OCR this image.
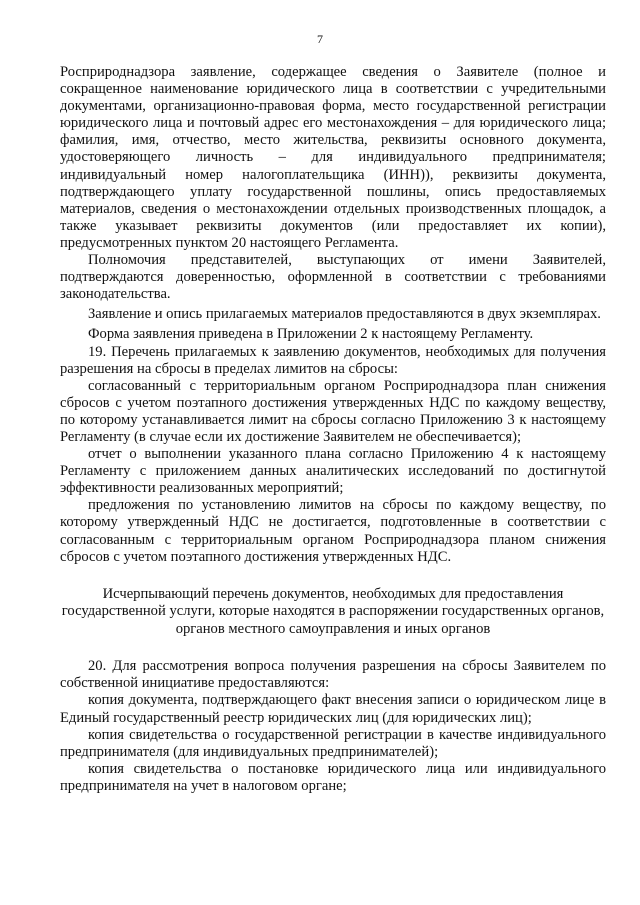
7

Росприроднадзора заявление, содержащее сведения о Заявителе (полное и сокращенное наименование юридического лица в соответствии с учредительными документами, организационно-правовая форма, место государственной регистрации юридического лица и почтовый адрес его местонахождения – для юридического лица; фамилия, имя, отчество, место жительства, реквизиты основного документа, удостоверяющего личность – для индивидуального предпринимателя; индивидуальный номер налогоплательщика (ИНН)), реквизиты документа, подтверждающего уплату государственной пошлины, опись предоставляемых материалов, сведения о местонахождении отдельных производственных площадок, а также указывает реквизиты документов (или предоставляет их копии), предусмотренных пунктом 20 настоящего Регламента.

Полномочия представителей, выступающих от имени Заявителей, подтверждаются доверенностью, оформленной в соответствии с требованиями законодательства.

Заявление и опись прилагаемых материалов предоставляются в двух экземплярах.

Форма заявления приведена в Приложении 2 к настоящему Регламенту.

19. Перечень прилагаемых к заявлению документов, необходимых для получения разрешения на сбросы в пределах лимитов на сбросы:

согласованный с территориальным органом Росприроднадзора план снижения сбросов с учетом поэтапного достижения утвержденных НДС по каждому веществу, по которому устанавливается лимит на сбросы согласно Приложению 3 к настоящему Регламенту (в случае если их достижение Заявителем не обеспечивается);

отчет о выполнении указанного плана согласно Приложению 4 к настоящему Регламенту с приложением данных аналитических исследований по достигнутой эффективности реализованных мероприятий;

предложения по установлению лимитов на сбросы по каждому веществу, по которому утвержденный НДС не достигается, подготовленные в соответствии с согласованным с территориальным органом Росприроднадзора планом снижения сбросов с учетом поэтапного достижения утвержденных НДС.

Исчерпывающий перечень документов, необходимых для предоставления государственной услуги, которые находятся в распоряжении государственных органов, органов местного самоуправления и иных органов

20. Для рассмотрения вопроса получения разрешения на сбросы Заявителем по собственной инициативе предоставляются:

копия документа, подтверждающего факт внесения записи о юридическом лице в Единый государственный реестр юридических лиц (для юридических лиц);

копия свидетельства о государственной регистрации в качестве индивидуального предпринимателя (для индивидуальных предпринимателей);

копия свидетельства о постановке юридического лица или индивидуального предпринимателя на учет в налоговом органе;
